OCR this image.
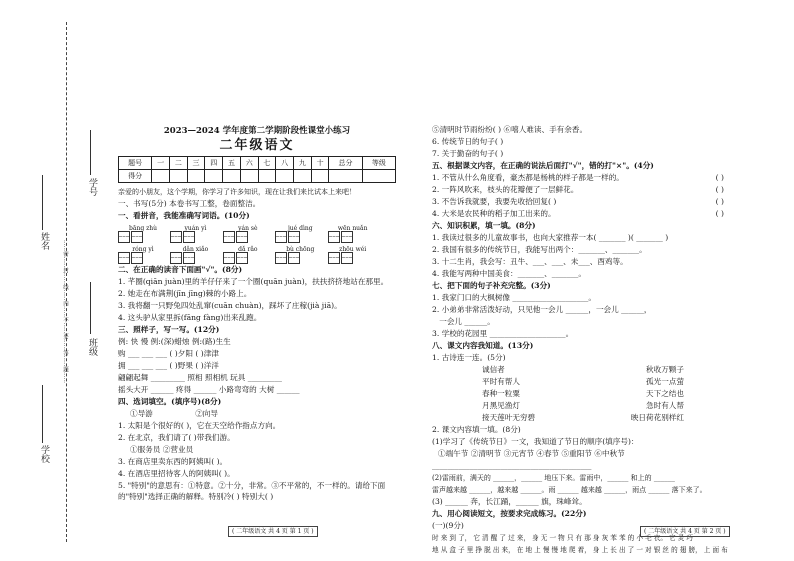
学号
姓名
班级
学校
……密……封……线……内……不……要……答……题……
2023—2024 学年度第二学期阶段性课堂小练习
二年级语文
题号	一	二	三	四	五	六	七	八	九	十	总分	等级
得分												
亲爱的小朋友，这个学期，你学习了许多知识，现在让我们来比试本上来吧！
一、书写(5分) 本卷书写工整，卷面整洁。
一、看拼音，我能准确写词语。(10分)
bāng zhù	yuán yì	yán sè	jué dìng	wēn nuǎn

róng yì	dǎn xiǎo	dǎ rǎo	bù chōng	zhōu wéi

二、在正确的读音下面画"√"。(8分)
1. 芊圈(qiān juàn)里的羊仔仔来了一个圈(quān juàn)，扶扶挤挤地站在那里。
2. 她走在布满荆(jīn jīng)棘的小路上。
3. 我将翻一只野兔四处乱窜(cuān chuàn)，踩坏了庄稼(jià jiā)。
4. 这头驴从家里拆(fāng fàng)出来乱跑。
三、照样子，写一写。(12分)
例: 快 慢 例:(深)蜡烛 例:(路)生生
购 ___ ___ ___ ( )夕阳 ( )津津
拥 ___ ___ ___ ( )野果 ( )洋洋
翩翩起舞 _________ 照相 照相机 玩具 _________
摇头大开 ______ 疼得 ______ 小路弯弯的 大树 ______
四、选词填空。(填序号)(8分)
①导游	②向导
1. 太阳是个很好的( )，它在天空给作指点方向。
2. 在北京，我们请了( )带我们游。
①服务员 ②营业员
3. 在商店里卖东西的阿姨叫( )。
4. 在酒店里招待客人的阿姨叫( )。
5. "特别"的意思有：①特意。②十分，非常。③不平常的，不一样的。请给下面的"特别"选择正确的解释。特别冷( ) 特别大( )
( 二年级语文 共 4 页 第 1 页 )
⑤清明时节雨纷纷( ) ⑥嘻人难读、手有余香。
6. 传统节日的句子( )
7. 关于勤奋的句子( )
五、根据课文内容，在正确的说法后面打"√"，错的打"×"。(4分)
1. 不管从什么角度看，豪杰都是杨桃的样子都是一样的。	( )
2. 一阵风吹来，枝头的花瓣便了一层鲜花。	( )
3. 不告诉我就要，我要先收拾回复( )	( )
4. 大米是农民种的稻子加工出来的。	( )
六、知识积累，填一填。(8分)
1. 我读过很多的儿童故事书，也向大家推荐一本( _______ )( _______ )
2. 我国有很多的传统节日，我能写出两个：_______、_______。
3. 十二生肖，我会写：丑牛、___、___、未___、酉鸡等。
4. 我能写两种中国美食：_______、_______。
七、把下面的句子补充完整。(3分)
1. 我家门口的大枫树像 ____________________。
2. 小弟弟非常活泼好动，只见他一会儿 ______，一会儿 ______，
一会儿 ______。
3. 学校的花园里 ____________________。
八、课文内容我知道。(13分)
1. 古诗连一连。(5分)
诚信者	秋收万颗子
平时有帮人	孤光一点萤
春种一粒粟	天下之结也
月黑见渔灯	急时有人帮
接天莲叶无穷碧	映日荷花别样红
2. 课文内容填一填。(8分)
(1)学习了《传统节日》一文，我知道了节日的顺序(填序号)：
①端午节 ②清明节 ③元宵节 ④春节 ⑤重阳节 ⑥中秋节
__________________________________________
(2)雷雨前，满天的 ______，______ 地压下来。雷雨中，______ 和上的 ______
雷声越来越 ______，越来越 ______。雨 ______ 越来越 ______，雨点 ______ 落下来了。
(3) ______ 奔，长江踊，______ 旗，珠峰耸。
九、用心阅读短文，按要求完成练习。(22分)
(一)(9分)
时 来 到 了， 它 清 醒 了 过 来， 身 无 一 物 只 有 那 身 灰 苯 苯 的 小 毛 衣。 它 灵 巧
地 从 盒 子 里 挣 脱 出 来， 在 地 上 慢 慢 地 爬 着， 身 上 长 出 了 一 对 银 丝 的 翅 膀， 上 面 布
( 二年级语文 共 4 页 第 2 页 )
